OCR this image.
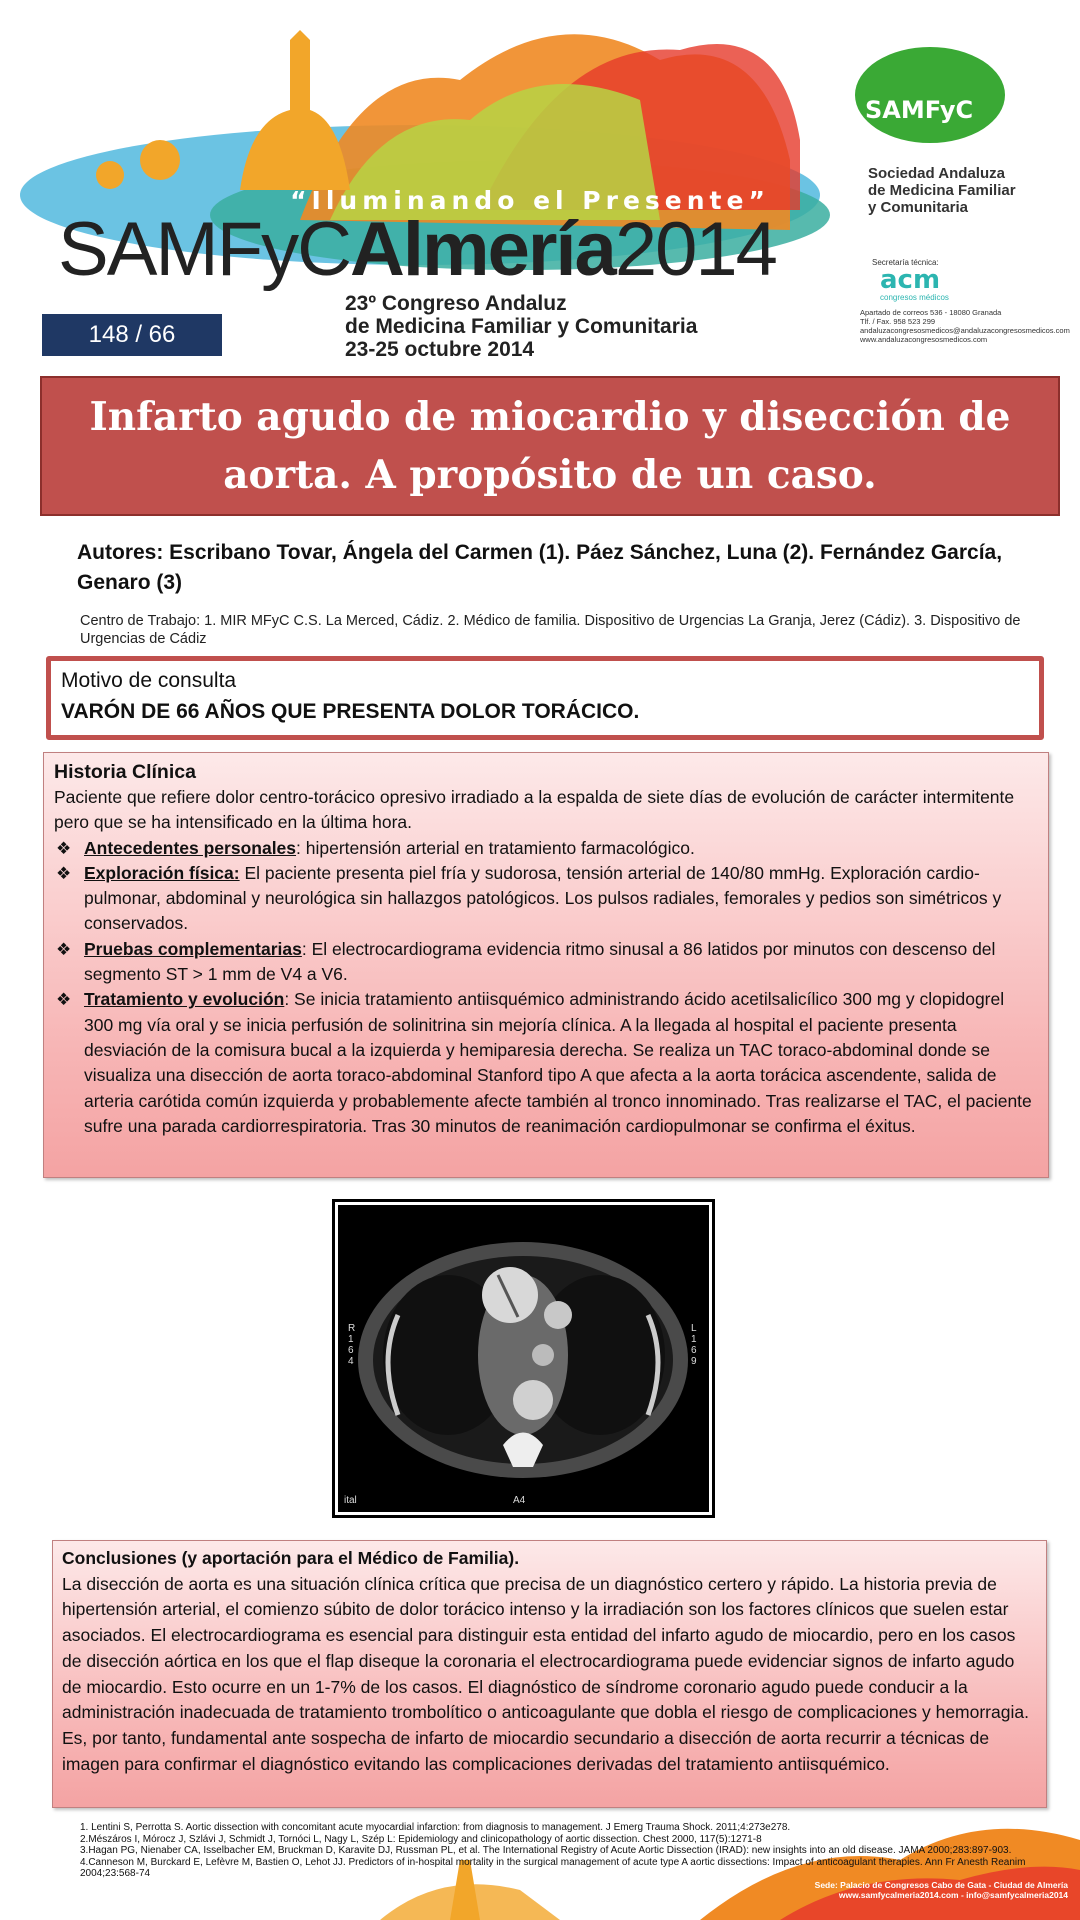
“Iluminando el Presente”
SAMFyCAlmería2014
23º Congreso Andaluz
de Medicina Familiar y Comunitaria
23-25 octubre 2014
148 / 66
SAMFyC
Sociedad Andaluza
de Medicina Familiar
y Comunitaria
Secretaría técnica:
acm
congresos médicos
Apartado de correos 536 - 18080 Granada
Tlf. / Fax. 958 523 299
andaluzacongresosmedicos@andaluzacongresosmedicos.com
www.andaluzacongresosmedicos.com
Infarto agudo de miocardio y disección de aorta. A propósito de un caso.
Autores: Escribano Tovar, Ángela del Carmen (1). Páez Sánchez, Luna (2). Fernández García, Genaro (3)
Centro de Trabajo: 1. MIR MFyC C.S. La Merced, Cádiz. 2. Médico de familia. Dispositivo de Urgencias La Granja, Jerez (Cádiz). 3. Dispositivo de Urgencias de Cádiz
Motivo de consulta
VARÓN DE 66 AÑOS QUE PRESENTA DOLOR TORÁCICO.
Historia Clínica
Paciente que refiere dolor centro-torácico opresivo irradiado a la espalda de siete días de evolución de carácter intermitente pero que se ha intensificado en la última hora.
❖ Antecedentes personales: hipertensión arterial en tratamiento farmacológico.
❖ Exploración física: El paciente presenta piel fría y sudorosa, tensión arterial de 140/80 mmHg. Exploración cardio-pulmonar, abdominal y neurológica sin hallazgos patológicos. Los pulsos radiales, femorales y pedios son simétricos y conservados.
❖ Pruebas complementarias: El electrocardiograma evidencia ritmo sinusal a 86 latidos por minutos con descenso del segmento ST > 1 mm de V4 a V6.
❖ Tratamiento y evolución: Se inicia tratamiento antiisquémico administrando ácido acetilsalicílico 300 mg y clopidogrel 300 mg vía oral y se inicia perfusión de solinitrina sin mejoría clínica. A la llegada al hospital el paciente presenta desviación de la comisura bucal a la izquierda y hemiparesia derecha. Se realiza un TAC toraco-abdominal donde se visualiza una disección de aorta toraco-abdominal Stanford tipo A que afecta a la aorta torácica ascendente, salida de arteria carótida común izquierda y probablemente afecte también al tronco innominado. Tras realizarse el TAC, el paciente sufre una parada cardiorrespiratoria. Tras 30 minutos de reanimación cardiopulmonar se confirma el éxitus.
R 1 6 4
L 1 6 9
ital	A4
Conclusiones (y aportación para el Médico de Familia).
La disección de aorta es una situación clínica crítica que precisa de un diagnóstico certero y rápido. La historia previa de hipertensión arterial, el comienzo súbito de dolor torácico intenso y la irradiación son los factores clínicos que suelen estar asociados. El electrocardiograma es esencial para distinguir esta entidad del infarto agudo de miocardio, pero en los casos de disección aórtica en los que el flap diseque la coronaria el electrocardiograma puede evidenciar signos de infarto agudo de miocardio. Esto ocurre en un 1-7% de los casos. El diagnóstico de síndrome coronario agudo puede conducir a la administración inadecuada de tratamiento trombolítico o anticoagulante que dobla el riesgo de complicaciones y hemorragia. Es, por tanto, fundamental ante sospecha de infarto de miocardio secundario a disección de aorta recurrir a técnicas de imagen para confirmar el diagnóstico evitando las complicaciones derivadas del tratamiento antiisquémico.

1. Lentini S, Perrotta S. Aortic dissection with concomitant acute myocardial infarction: from diagnosis to management. J Emerg Trauma Shock. 2011;4:273e278.

2.Mészáros I, Mórocz J, Szlávi J, Schmidt J, Tornóci L, Nagy L, Szép L: Epidemiology and clinicopathology of aortic dissection. Chest 2000, 117(5):1271-8

3.Hagan PG, Nienaber CA, Isselbacher EM, Bruckman D, Karavite DJ, Russman PL, et al. The International Registry of Acute Aortic Dissection (IRAD): new insights into an old disease. JAMA 2000;283:897-903.

4.Canneson M, Burckard E, Lefèvre M, Bastien O, Lehot JJ. Predictors of in-hospital mortality in the surgical management of acute type A aortic dissections: Impact of anticoagulant therapies. Ann Fr Anesth Reanim 2004;23:568-74

Sede: Palacio de Congresos Cabo de Gata - Ciudad de Almería
www.samfycalmeria2014.com - info@samfycalmeria2014
